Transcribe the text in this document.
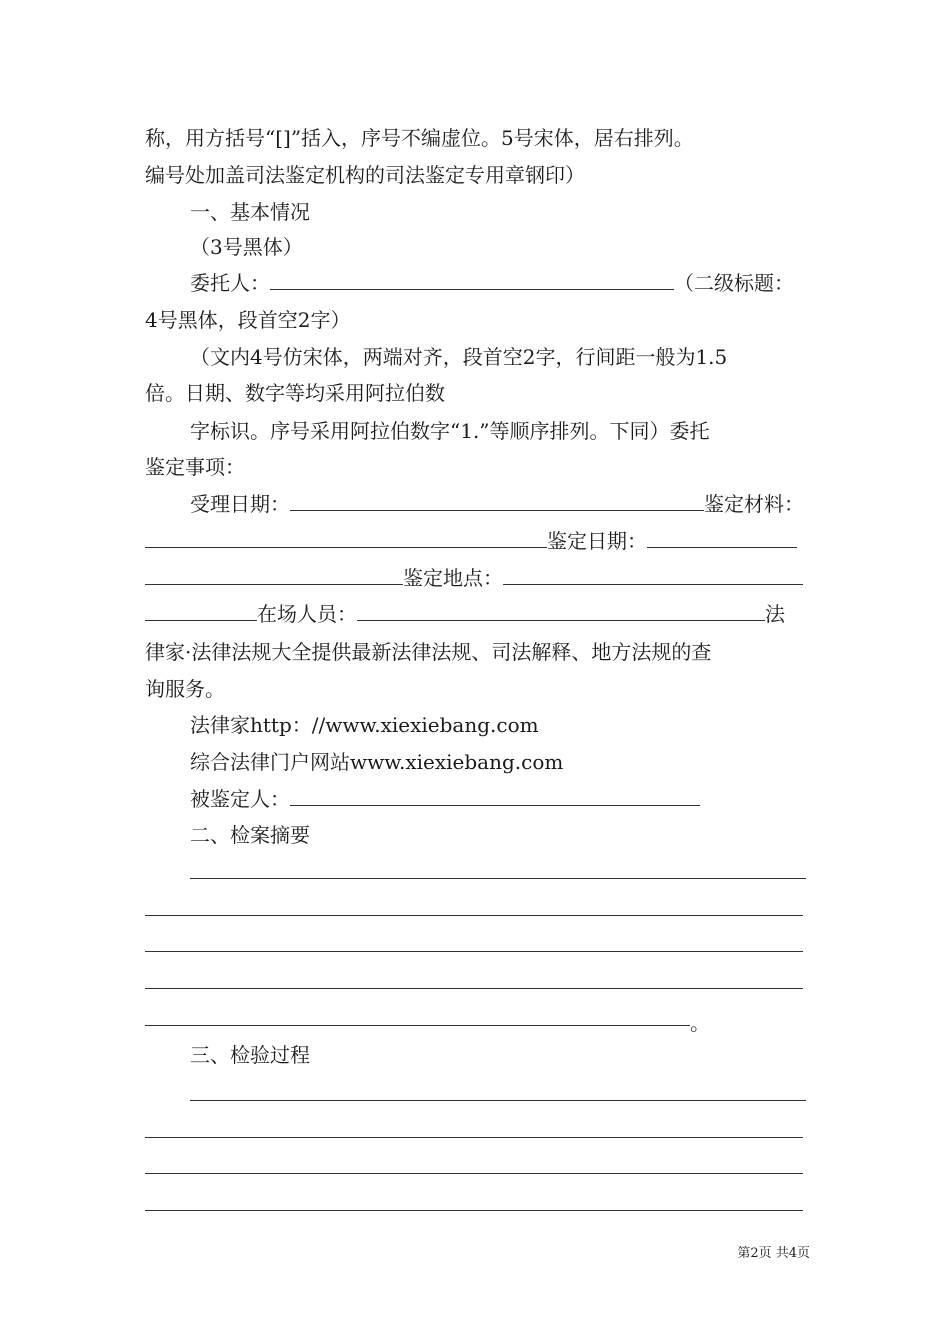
称，用方括号“[]”括入，序号不编虚位。5号宋体，居右排列。
编号处加盖司法鉴定机构的司法鉴定专用章钢印）
一、基本情况
（3号黑体）
委托人：	（二级标题：
4号黑体，段首空2字）
（文内4号仿宋体，两端对齐，段首空2字，行间距一般为1.5
倍。日期、数字等均采用阿拉伯数
字标识。序号采用阿拉伯数字“1.”等顺序排列。下同）委托
鉴定事项：
受理日期：	鉴定材料：
鉴定日期：
鉴定地点：
在场人员：	法
律家·法律法规大全提供最新法律法规、司法解释、地方法规的查
询服务。
法律家http：//www.xiexiebang.com
综合法律门户网站www.xiexiebang.com
被鉴定人：
二、检案摘要
。
三、检验过程
第2页 共4页
